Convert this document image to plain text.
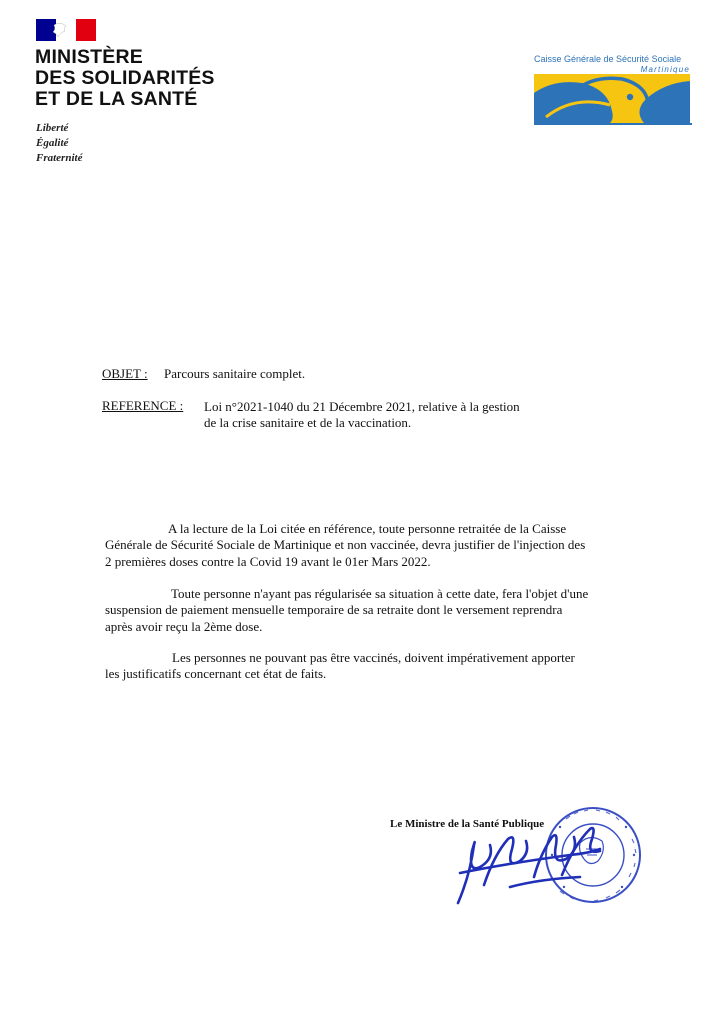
MINISTÈRE
DES SOLIDARITÉS
ET DE LA SANTÉ
Liberté
Égalité
Fraternité
Caisse Générale de Sécurité Sociale
Martinique

OBJET : Parcours sanitaire complet.
REFERENCE : Loi n°2021-1040 du 21 Décembre 2021, relative à la gestion
de la crise sanitaire et de la vaccination.
A la lecture de la Loi citée en référence, toute personne retraitée de la Caisse
Générale de Sécurité Sociale de Martinique et non vaccinée, devra justifier de l'injection des
2 premières doses contre la Covid 19 avant le 01er Mars 2022.
Toute personne n'ayant pas régularisée sa situation à cette date, fera l'objet d'une
suspension de paiement mensuelle temporaire de sa retraite dont le versement reprendra
après avoir reçu la 2ème dose.
Les personnes ne pouvant pas être vaccinés, doivent impérativement apporter
les justificatifs concernant cet état de faits.
Le Ministre de la Santé Publique
